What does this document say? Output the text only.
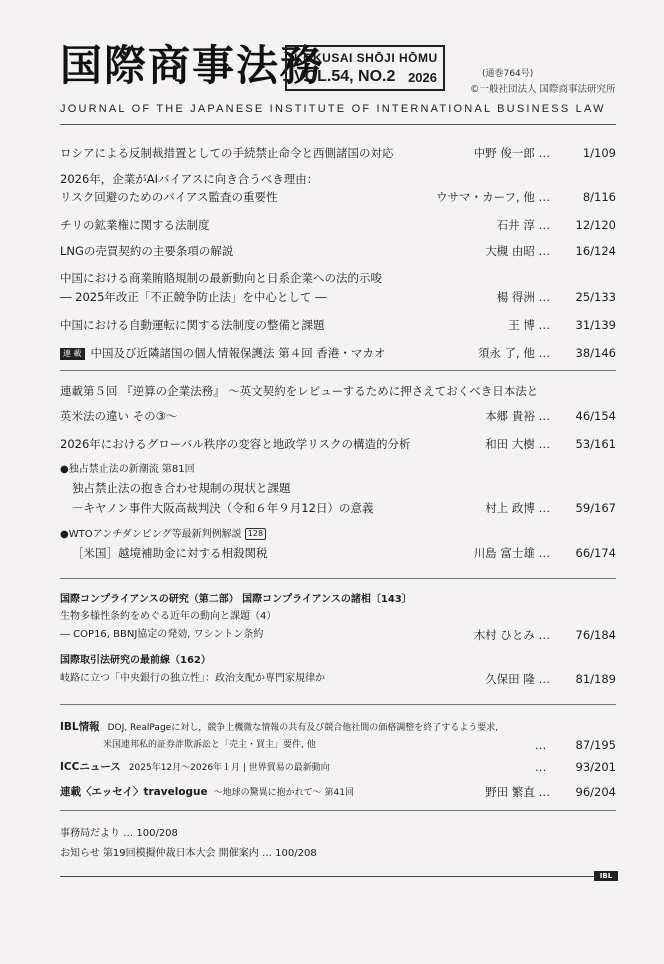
国際商事法務
KOKUSAI SHŌJI HŌMU
VOL.54, NO.2 2026	(通巻764号)
©一般社団法人 国際商事法研究所
JOURNAL OF THE JAPANESE INSTITUTE OF INTERNATIONAL BUSINESS LAW
ロシアによる反制裁措置としての手続禁止命令と西側諸国の対応	中野 俊一郎 …	1/109
2026年，企業がAIバイアスに向き合うべき理由：
リスク回避のためのバイアス監査の重要性	ウサマ・カーフ, 他 …	8/116
チリの鉱業権に関する法制度	石井 淳 … 12/120
LNGの売買契約の主要条項の解説	大槻 由昭 … 16/124
中国における商業賄賂規制の最新動向と日系企業への法的示唆
― 2025年改正「不正競争防止法」を中心として ―	楊 得洲 … 25/133
中国における自動運転に関する法制度の整備と課題	王 博 … 31/139
連 載 中国及び近隣諸国の個人情報保護法 第４回 香港・マカオ	須永 了, 他 … 38/146
連載第５回 『逆算の企業法務』 ～英文契約をレビューするために押さえておくべき日本法と
英米法の違い その③～	本郷 貴裕 … 46/154
2026年におけるグローバル秩序の変容と地政学リスクの構造的分析	和田 大樹 … 53/161
●独占禁止法の新潮流 第81回
独占禁止法の抱き合わせ規制の現状と課題
－キヤノン事件大阪高裁判決（令和６年９月12日）の意義	村上 政博 … 59/167
●WTOアンチダンピング等最新判例解説 128
［米国］越境補助金に対する相殺関税	川島 富士雄 … 66/174
国際コンプライアンスの研究（第二部） 国際コンプライアンスの諸相〔143〕
生物多様性条約をめぐる近年の動向と課題（4）
― COP16, BBNJ協定の発効, ワシントン条約	木村 ひとみ … 76/184
国際取引法研究の最前線（162）
岐路に立つ「中央銀行の独立性」：政治支配か専門家規律か	久保田 隆 … 81/189
IBL情報 DOJ, RealPageに対し，競争上機微な情報の共有及び競合他社間の価格調整を終了するよう要求,
米国連邦私的証券詐欺訴訟と「売主・買主」要件, 他	… 87/195
ICCニュース 2025年12月～2026年１月 | 世界貿易の最新動向	… 93/201
連載〈エッセイ〉travelogue ～地球の驚異に抱かれて～ 第41回	野田 繁直 … 96/204
事務局だより … 100/208
お知らせ 第19回模擬仲裁日本大会 開催案内 … 100/208
IBL
